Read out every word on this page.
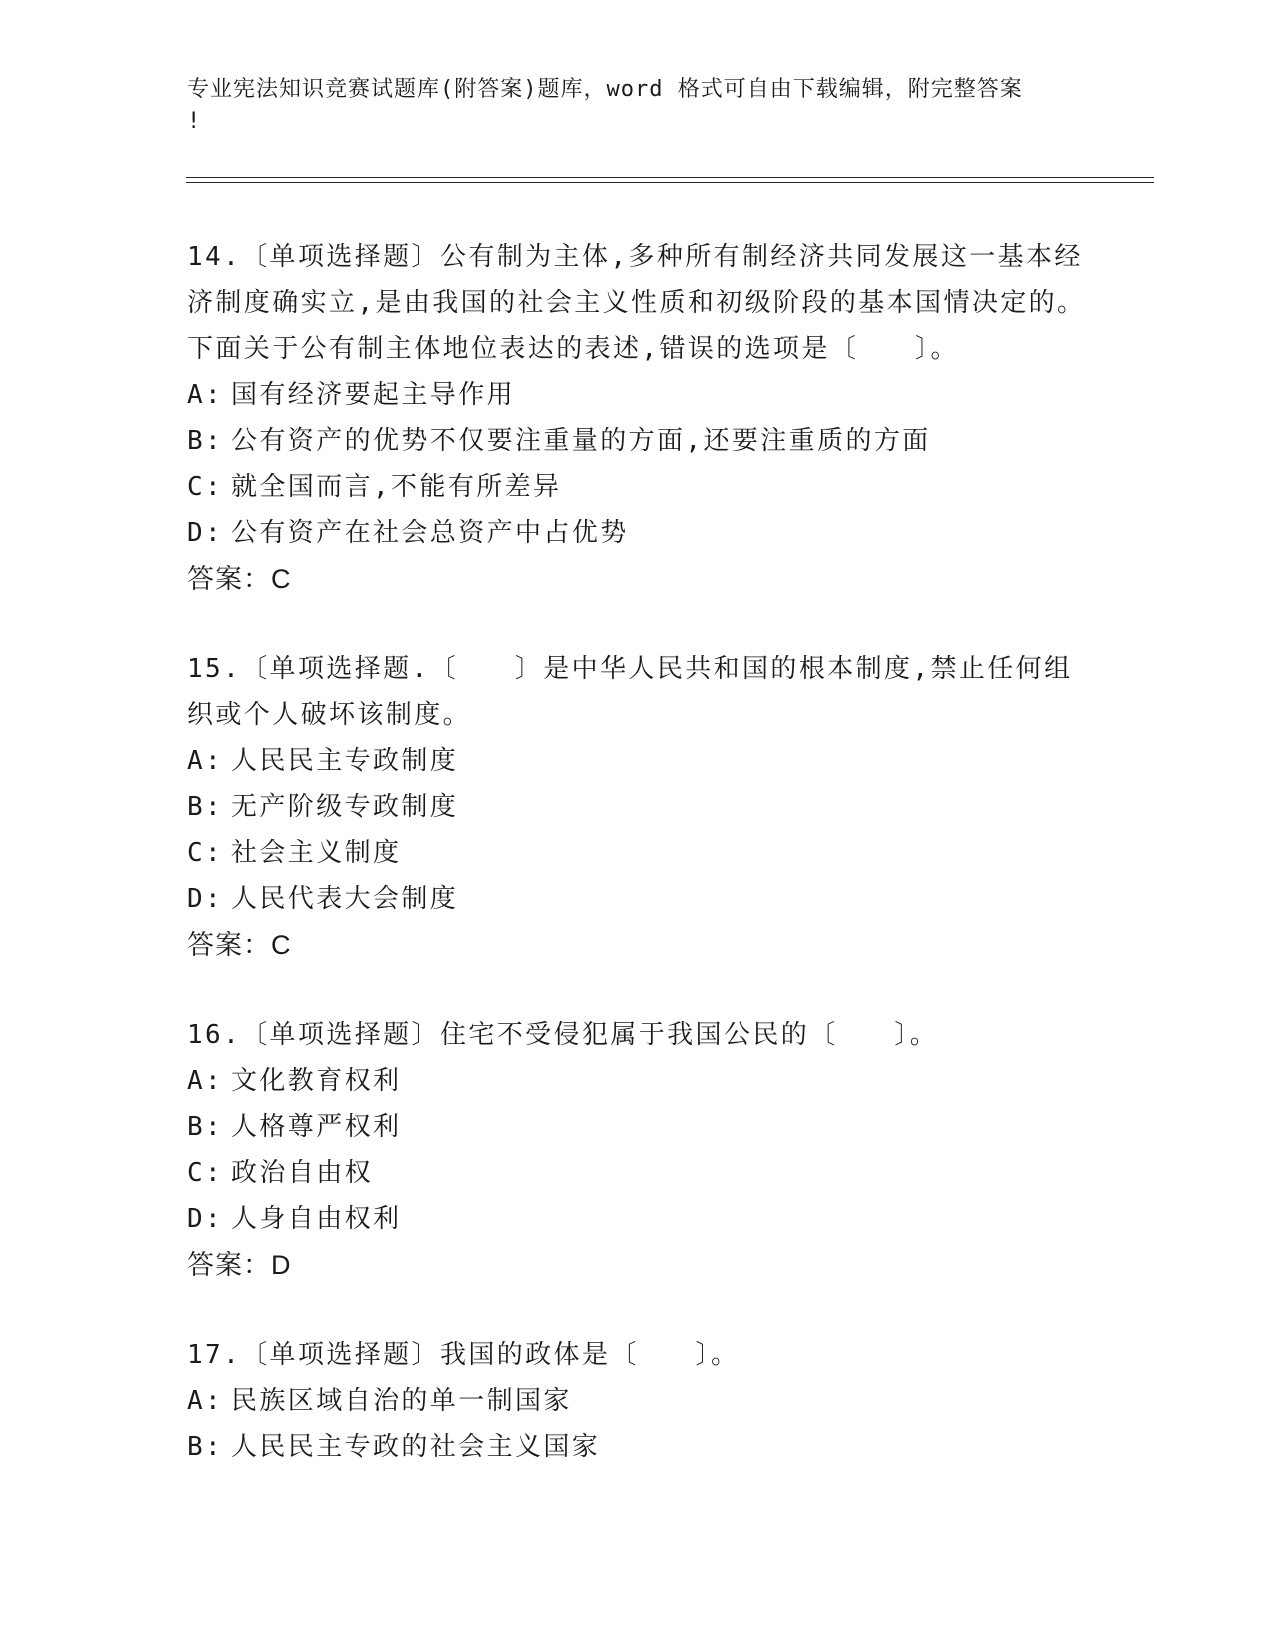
专业宪法知识竞赛试题库(附答案)题库，word 格式可自由下载编辑，附完整答案
!

14.〔单项选择题〕公有制为主体,多种所有制经济共同发展这一基本经济制度确实立,是由我国的社会主义性质和初级阶段的基本国情决定的。下面关于公有制主体地位表达的表述,错误的选项是〔　　〕。

A: 国有经济要起主导作用

B: 公有资产的优势不仅要注重量的方面,还要注重质的方面

C: 就全国而言,不能有所差异

D: 公有资产在社会总资产中占优势

答案：C

15.〔单项选择题.〔　　〕是中华人民共和国的根本制度,禁止任何组织或个人破坏该制度。

A: 人民民主专政制度

B: 无产阶级专政制度

C: 社会主义制度

D: 人民代表大会制度

答案：C

16.〔单项选择题〕住宅不受侵犯属于我国公民的〔　　〕。

A: 文化教育权利

B: 人格尊严权利

C: 政治自由权

D: 人身自由权利

答案：D

17.〔单项选择题〕我国的政体是〔　　〕。

A: 民族区域自治的单一制国家

B: 人民民主专政的社会主义国家
